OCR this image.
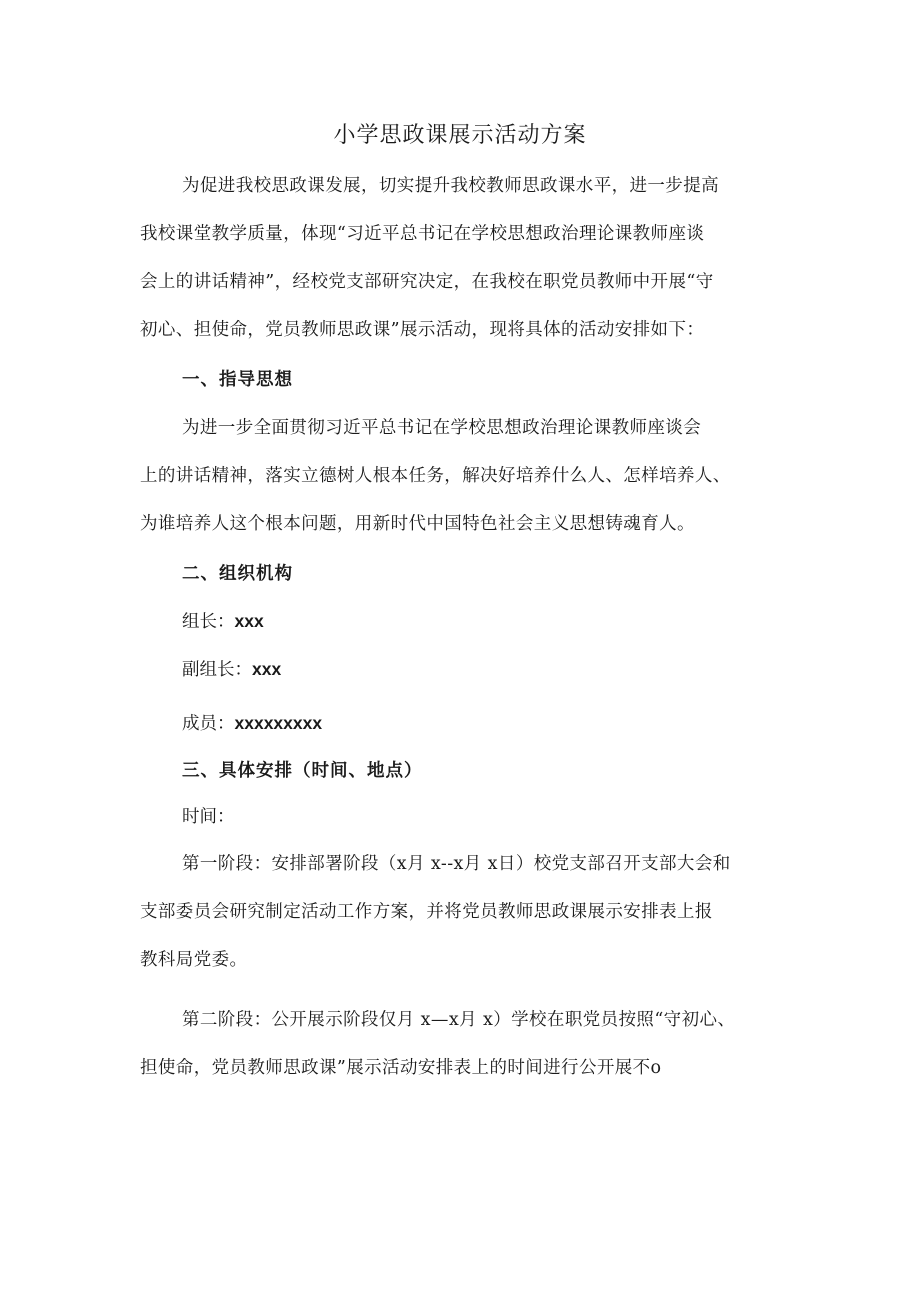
小学思政课展示活动方案

为促进我校思政课发展，切实提升我校教师思政课水平，进一步提高

我校课堂教学质量，体现“习近平总书记在学校思想政治理论课教师座谈

会上的讲话精神”，经校党支部研究决定，在我校在职党员教师中开展“守

初心、担使命，党员教师思政课”展示活动，现将具体的活动安排如下：

一、指导思想

为进一步全面贯彻习近平总书记在学校思想政治理论课教师座谈会

上的讲话精神，落实立德树人根本任务，解决好培养什么人、怎样培养人、

为谁培养人这个根本问题，用新时代中国特色社会主义思想铸魂育人。

二、组织机构

组长：xxx

副组长：xxx

成员：xxxxxxxxx

三、具体安排（时间、地点）

时间：

第一阶段：安排部署阶段（x月 x--x月 x日）校党支部召开支部大会和

支部委员会研究制定活动工作方案，并将党员教师思政课展示安排表上报

教科局党委。

第二阶段：公开展示阶段仅月 x—x月 x）学校在职党员按照“守初心、

担使命，党员教师思政课”展示活动安排表上的时间进行公开展不o
